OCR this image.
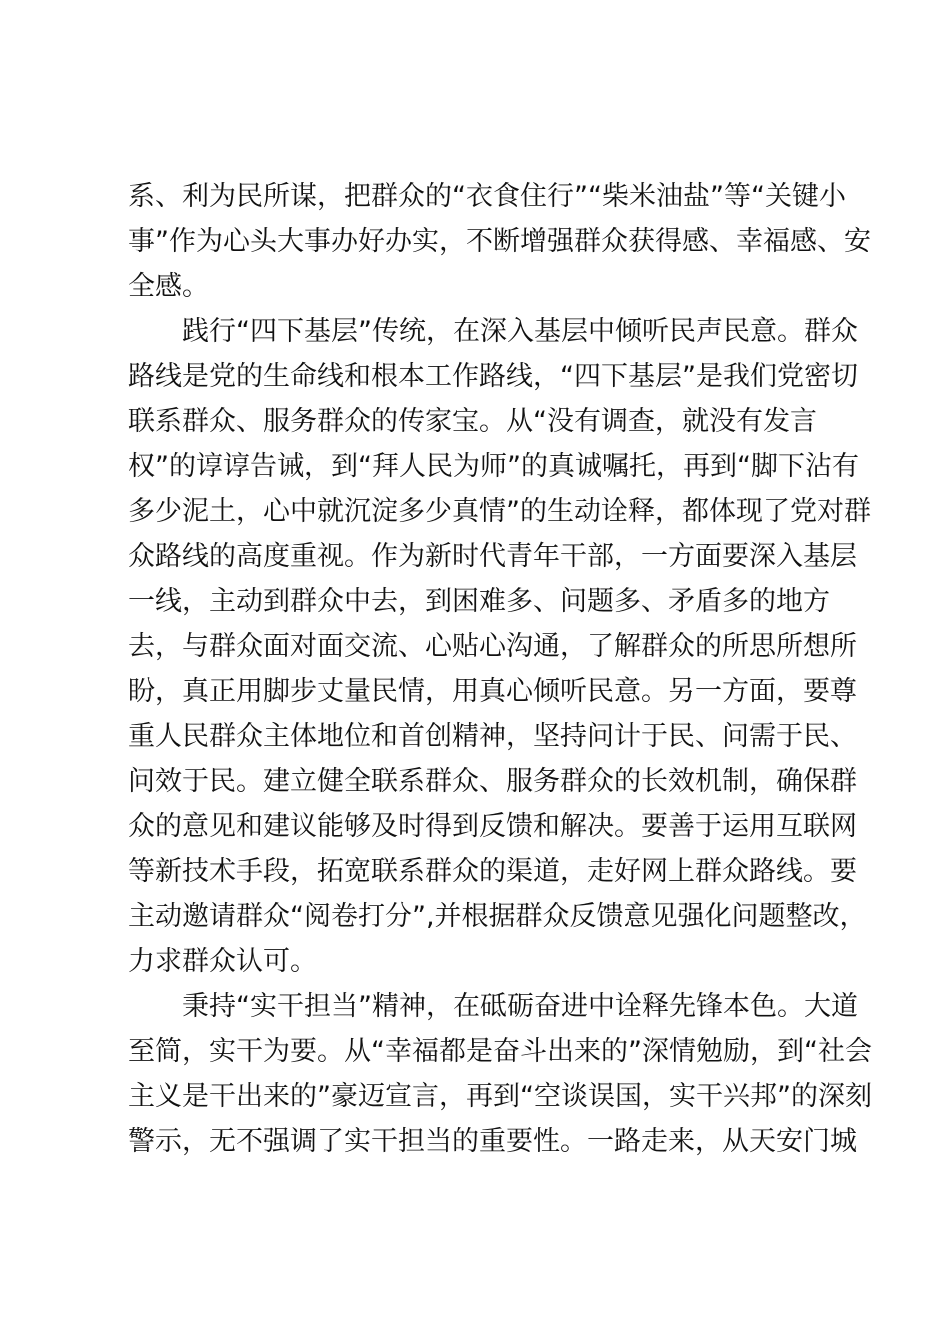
系、利为民所谋，把群众的“衣食住行”“柴米油盐”等“关键小
事”作为心头大事办好办实，不断增强群众获得感、幸福感、安
全感。
践行“四下基层”传统，在深入基层中倾听民声民意。群众
路线是党的生命线和根本工作路线，“四下基层”是我们党密切
联系群众、服务群众的传家宝。从“没有调查，就没有发言
权”的谆谆告诫，到“拜人民为师”的真诚嘱托，再到“脚下沾有
多少泥土，心中就沉淀多少真情”的生动诠释，都体现了党对群
众路线的高度重视。作为新时代青年干部，一方面要深入基层
一线，主动到群众中去，到困难多、问题多、矛盾多的地方
去，与群众面对面交流、心贴心沟通，了解群众的所思所想所
盼，真正用脚步丈量民情，用真心倾听民意。另一方面，要尊
重人民群众主体地位和首创精神，坚持问计于民、问需于民、
问效于民。建立健全联系群众、服务群众的长效机制，确保群
众的意见和建议能够及时得到反馈和解决。要善于运用互联网
等新技术手段，拓宽联系群众的渠道，走好网上群众路线。要
主动邀请群众“阅卷打分”,并根据群众反馈意见强化问题整改，
力求群众认可。
秉持“实干担当”精神，在砥砺奋进中诠释先锋本色。大道
至简，实干为要。从“幸福都是奋斗出来的”深情勉励，到“社会
主义是干出来的”豪迈宣言，再到“空谈误国，实干兴邦”的深刻
警示，无不强调了实干担当的重要性。一路走来，从天安门城
